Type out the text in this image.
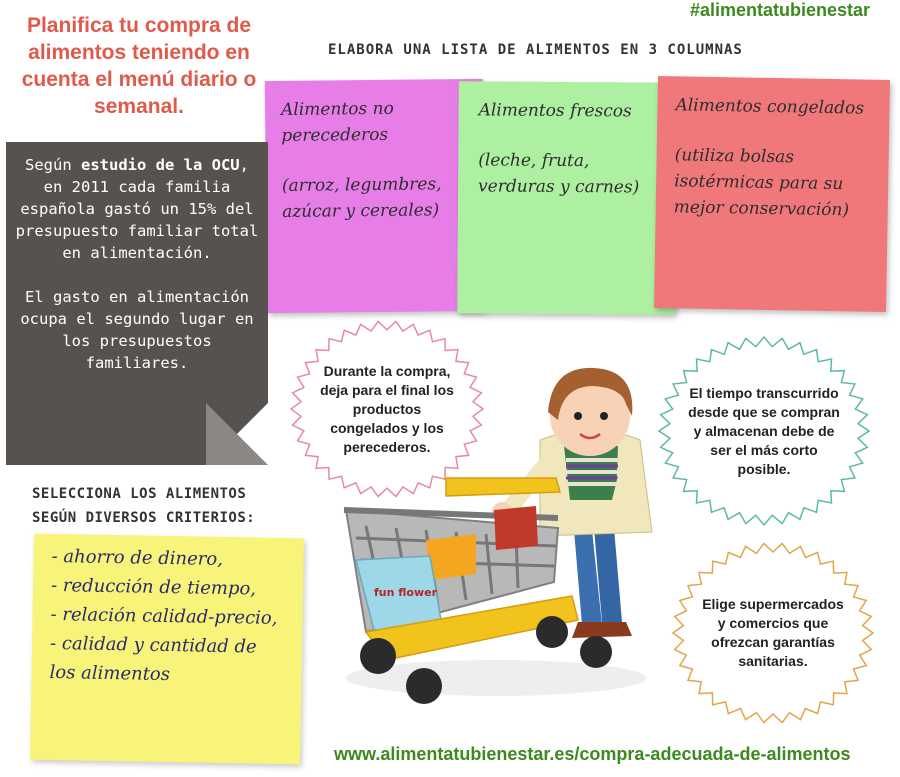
Planifica tu compra de alimentos teniendo en cuenta el menú diario o semanal.
#alimentatubienestar
ELABORA UNA LISTA DE ALIMENTOS EN 3 COLUMNAS
Alimentos no perecederos
(arroz, legumbres, azúcar y cereales)
Alimentos frescos
(leche, fruta, verduras y carnes)
Alimentos congelados
(utiliza bolsas isotérmicas para su mejor conservación)

Según estudio de la OCU, en 2011 cada familia española gastó un 15% del presupuesto familiar total en alimentación.

El gasto en alimentación ocupa el segundo lugar en los presupuestos familiares.

SELECCIONA LOS ALIMENTOS SEGÚN DIVERSOS CRITERIOS:
- ahorro de dinero,
- reducción de tiempo,
- relación calidad-precio,
- calidad y cantidad de los alimentos
Durante la compra, deja para el final los productos congelados y los perecederos.
El tiempo transcurrido desde que se compran y almacenan debe de ser el más corto posible.
Elige supermercados y comercios que ofrezcan garantías sanitarias.
fun flower
www.alimentatubienestar.es/compra-adecuada-de-alimentos
